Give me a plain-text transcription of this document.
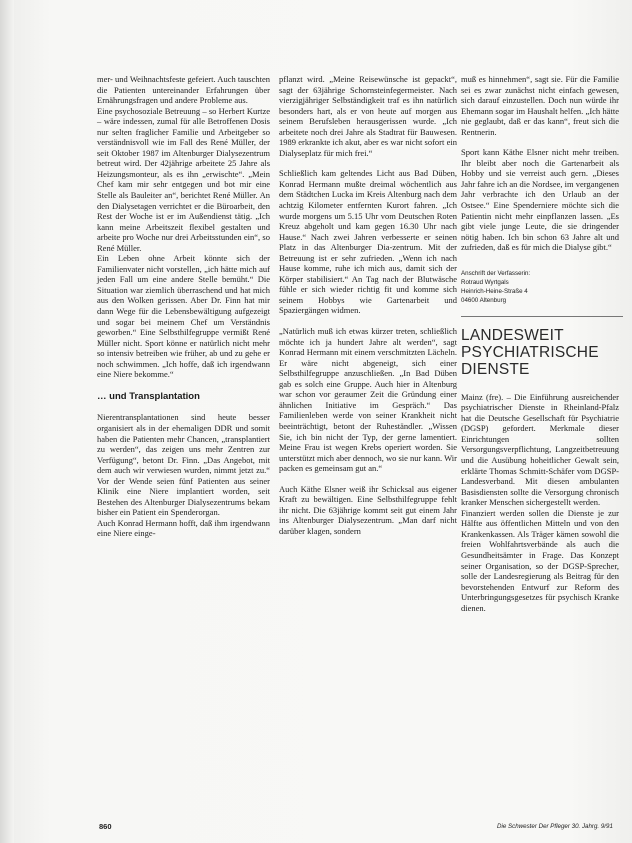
mer- und Weihnachtsfeste gefeiert. Auch tauschten die Patienten untereinander Erfahrungen über Ernährungsfragen und andere Probleme aus.

Eine psychosoziale Betreuung – so Herbert Kurtze – wäre indessen, zumal für alle Betroffenen Dosis nur selten fraglicher Familie und Arbeitgeber so verständnisvoll wie im Fall des René Müller, der seit Oktober 1987 im Altenburger Dialysezentrum betreut wird. Der 42jährige arbeitete 25 Jahre als Heizungsmonteur, als es ihn „erwischte“. „Mein Chef kam mir sehr entgegen und bot mir eine Stelle als Bauleiter an“, berichtet René Müller. An den Dialysetagen verrichtet er die Büroarbeit, den Rest der Woche ist er im Außendienst tätig. „Ich kann meine Arbeitszeit flexibel gestalten und arbeite pro Woche nur drei Arbeitsstunden ein“, so René Müller.

Ein Leben ohne Arbeit könnte sich der Familienvater nicht vorstellen, „ich hätte mich auf jeden Fall um eine andere Stelle bemüht.“ Die Situation war ziemlich überraschend und hat mich aus den Wolken gerissen. Aber Dr. Finn hat mir dann Wege für die Lebensbewältigung aufgezeigt und sogar bei meinem Chef um Verständnis geworben.“ Eine Selbsthilfegruppe vermißt René Müller nicht. Sport könne er natürlich nicht mehr so intensiv betreiben wie früher, ab und zu gehe er noch schwimmen. „Ich hoffe, daß ich irgendwann eine Niere bekomme.“

… und Transplantation

Nierentransplantationen sind heute besser organisiert als in der ehemaligen DDR und somit haben die Patienten mehr Chancen, „transplantiert zu werden“, das zeigen uns mehr Zentren zur Verfügung“, betont Dr. Finn. „Das Angebot, mit dem auch wir verwiesen wurden, nimmt jetzt zu.“ Vor der Wende seien fünf Patienten aus seiner Klinik eine Niere implantiert worden, seit Bestehen des Altenburger Dialysezentrums bekam bisher ein Patient ein Spenderorgan.

Auch Konrad Hermann hofft, daß ihm irgendwann eine Niere einge-

pflanzt wird. „Meine Reisewünsche ist gepackt“, sagt der 63jährige Schornsteinfegermeister. Nach vierzigjähriger Selbständigkeit traf es ihn natürlich besonders hart, als er von heute auf morgen aus seinem Berufsleben herausgerissen wurde. „Ich arbeitete noch drei Jahre als Stadtrat für Bauwesen. 1989 erkrankte ich akut, aber es war nicht sofort ein Dialyseplatz für mich frei.“

Schließlich kam geltendes Licht aus Bad Düben, Konrad Hermann mußte dreimal wöchentlich aus dem Städtchen Lucka im Kreis Altenburg nach dem achtzig Kilometer entfernten Kurort fahren. „Ich wurde morgens um 5.15 Uhr vom Deutschen Roten Kreuz abgeholt und kam gegen 16.30 Uhr nach Hause.“ Nach zwei Jahren verbesserte er seinen Platz in das Altenburger Dia-zentrum. Mit der Betreuung ist er sehr zufrieden. „Wenn ich nach Hause komme, ruhe ich mich aus, damit sich der Körper stabilisiert.“ An Tag nach der Blutwäsche fühle er sich wieder richtig fit und komme sich seinem Hobbys wie Gartenarbeit und Spaziergängen widmen.

„Natürlich muß ich etwas kürzer treten, schließlich möchte ich ja hundert Jahre alt werden“, sagt Konrad Hermann mit einem verschmitzten Lächeln. Er wäre nicht abgeneigt, sich einer Selbsthilfegruppe anzuschließen. „In Bad Düben gab es solch eine Gruppe. Auch hier in Altenburg war schon vor geraumer Zeit die Gründung einer ähnlichen Initiative im Gespräch.“ Das Familienleben werde von seiner Krankheit nicht beeinträchtigt, betont der Ruheständler. „Wissen Sie, ich bin nicht der Typ, der gerne lamentiert. Meine Frau ist wegen Krebs operiert worden. Sie unterstützt mich aber dennoch, wo sie nur kann. Wir packen es gemeinsam gut an.“

Auch Käthe Elsner weiß ihr Schicksal aus eigener Kraft zu bewältigen. Eine Selbsthilfegruppe fehlt ihr nicht. Die 63jährige kommt seit gut einem Jahr ins Altenburger Dialysezentrum. „Man darf nicht darüber klagen, sondern

muß es hinnehmen“, sagt sie. Für die Familie sei es zwar zunächst nicht einfach gewesen, sich darauf einzustellen. Doch nun würde ihr Ehemann sogar im Haushalt helfen. „Ich hätte nie geglaubt, daß er das kann“, freut sich die Rentnerin.

Sport kann Käthe Elsner nicht mehr treiben. Ihr bleibt aber noch die Gartenarbeit als Hobby und sie verreist auch gern. „Dieses Jahr fahre ich an die Nordsee, im vergangenen Jahr verbrachte ich den Urlaub an der Ostsee.“ Eine Spenderniere möchte sich die Patientin nicht mehr einpflanzen lassen. „Es gibt viele junge Leute, die sie dringender nötig haben. Ich bin schon 63 Jahre alt und zufrieden, daß es für mich die Dialyse gibt.“

Anschrift der Verfasserin:
Rotraud Wyrtgals
Heinrich-Heine-Straße 4
04600 Altenburg
LANDESWEIT
PSYCHIATRISCHE
DIENSTE

Mainz (fre). – Die Einführung ausreichender psychiatrischer Dienste in Rheinland-Pfalz hat die Deutsche Gesellschaft für Psychiatrie (DGSP) gefordert. Merkmale dieser Einrichtungen sollten Versorgungsverpflichtung, Langzeitbetreuung und die Ausübung hoheitlicher Gewalt sein, erklärte Thomas Schmitt-Schäfer vom DGSP-Landesverband. Mit diesen ambulanten Basisdiensten sollte die Versorgung chronisch kranker Menschen sichergestellt werden.

Finanziert werden sollen die Dienste je zur Hälfte aus öffentlichen Mitteln und von den Krankenkassen. Als Träger kämen sowohl die freien Wohlfahrtsverbände als auch die Gesundheitsämter in Frage. Das Konzept seiner Organisation, so der DGSP-Sprecher, solle der Landesregierung als Beitrag für den bevorstehenden Entwurf zur Reform des Unterbringungsgesetzes für psychisch Kranke dienen.

860	Die Schwester Der Pfleger 30. Jahrg. 9/91
